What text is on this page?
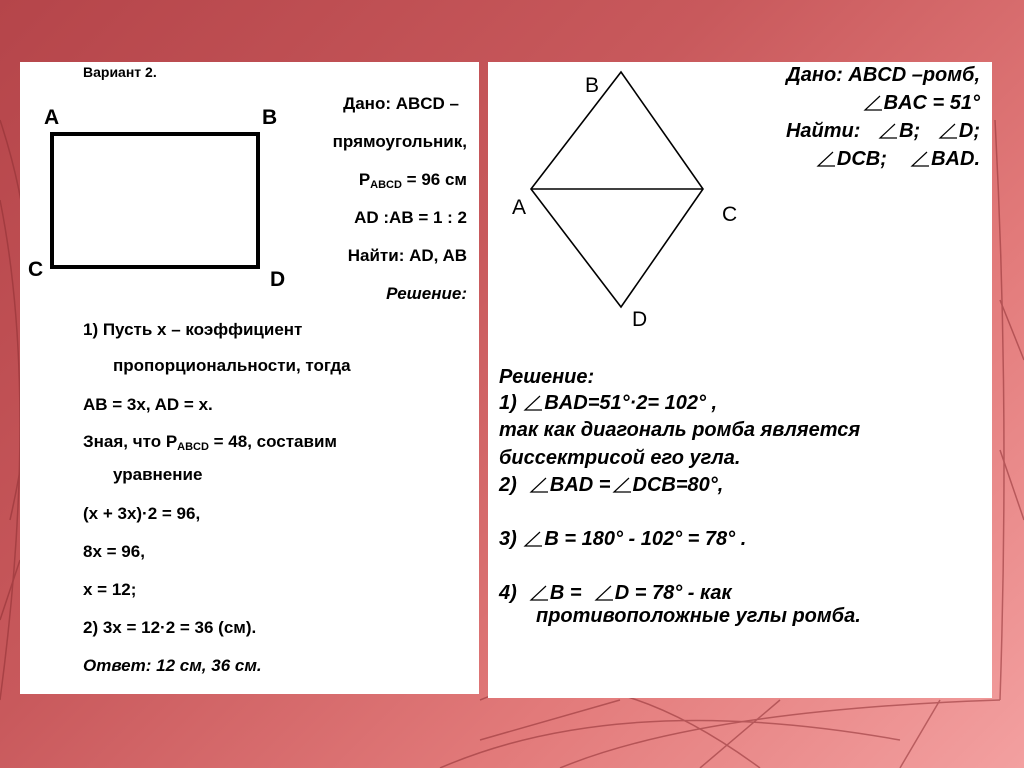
Вариант 2.
A	B
C	D
Дано: ABCD –
прямоугольник,
$P_{ABCD} = 96$ см
AD :AB = 1 : 2
Найти: AD, AB
Решение:
1) Пусть x – коэффициент
пропорциональности, тогда
AB = 3x, AD = x.
Зная, что $P_{ABCD} = 48$, составим
уравнение
(x + 3x)·2 = 96,
8x = 96,
x = 12;
2) 3x = 12·2 = 36 (см).
Ответ: 12 см, 36 см.
B
A	C
D
Дано: ABCD –ромб,
BAC = 51°
Найти: B; D;
DCB; BAD.
Решение:
1) BAD=51°·2= 102° ,
так как диагональ ромба является
биссектрисой его угла.
2) BAD = DCB=80°,
3) B = 180° - 102° = 78° .
4) B = D = 78° - как
противоположные углы ромба.
